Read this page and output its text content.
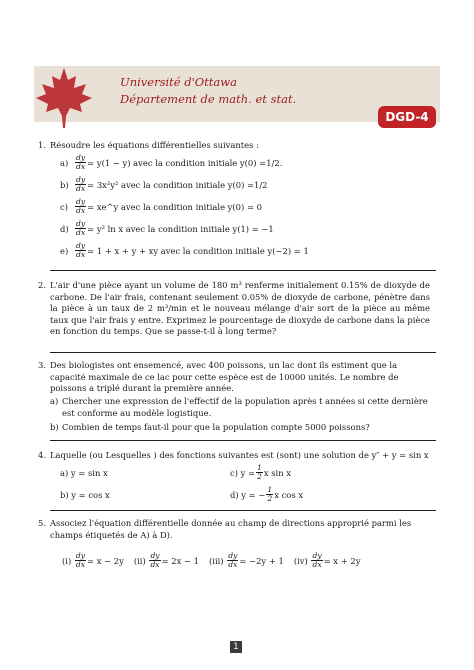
Université d'Ottawa
Département de math. et stat.
DGD-4
1. Résoudre les équations différentielles suivantes :
$a) \frac{dy}{dx} = y(1 - y)$ avec la condition initiale y(0) = 1/2 .
$b) \frac{dy}{dx} = 3x^2y^2$ avec la condition initiale y(0) = 1/2
$c) \frac{dy}{dx}$ = xe^y avec la condition initiale y(0) = 0
$d) \frac{dy}{dx} = y^2$ ln x avec la condition initiale y(1) = −1
$e) \frac{dy}{dx} = 1 + x + y$ + xy avec la condition initiale y(−2) = 1
2. L'air d'une pièce ayant un volume de 180 m³ renferme initialement 0.15% de dioxyde de carbone. De l'air frais, contenant seulement 0.05% de dioxyde de carbone, pénètre dans la pièce à un taux de 2 m³/min et le nouveau mélange d'air sort de la pièce au même taux que l'air frais y entre. Exprimez le pourcentage de dioxyde de carbone dans la pièce en fonction du temps. Que se passe-t-il à long terme?
3. Des biologistes ont ensemencé, avec 400 poissons, un lac dont ils estiment que la capacité maximale de ce lac pour cette espèce est de 10000 unités. Le nombre de poissons a triplé durant la première année.
a) Chercher une expression de l'effectif de la population après t années si cette dernière est conforme au modèle logistique.
b) Combien de temps faut-il pour que la population compte 5000 poissons?
4. Laquelle (ou Lesquelles ) des fonctions suivantes est (sont) une solution de y″ + y = sin x
a) y = sin x	c) $y = \frac{1}{2}$ x sin x
b) y = cos x	d) y = − $\frac{1}{2}$ x cos x
5. Associez l'équation différentielle donnée au champ de directions approprié parmi les champs étiquetés de A) à D).
(i)
$\frac{dy}{dx} = x - 2y$ (ii)
$\frac{dy}{dx} = 2x - 1$ (iii)
$\frac{dy}{dx} = -2y + 1$ (iv)
$\frac{dy}{dx} = x + 2y$
1
